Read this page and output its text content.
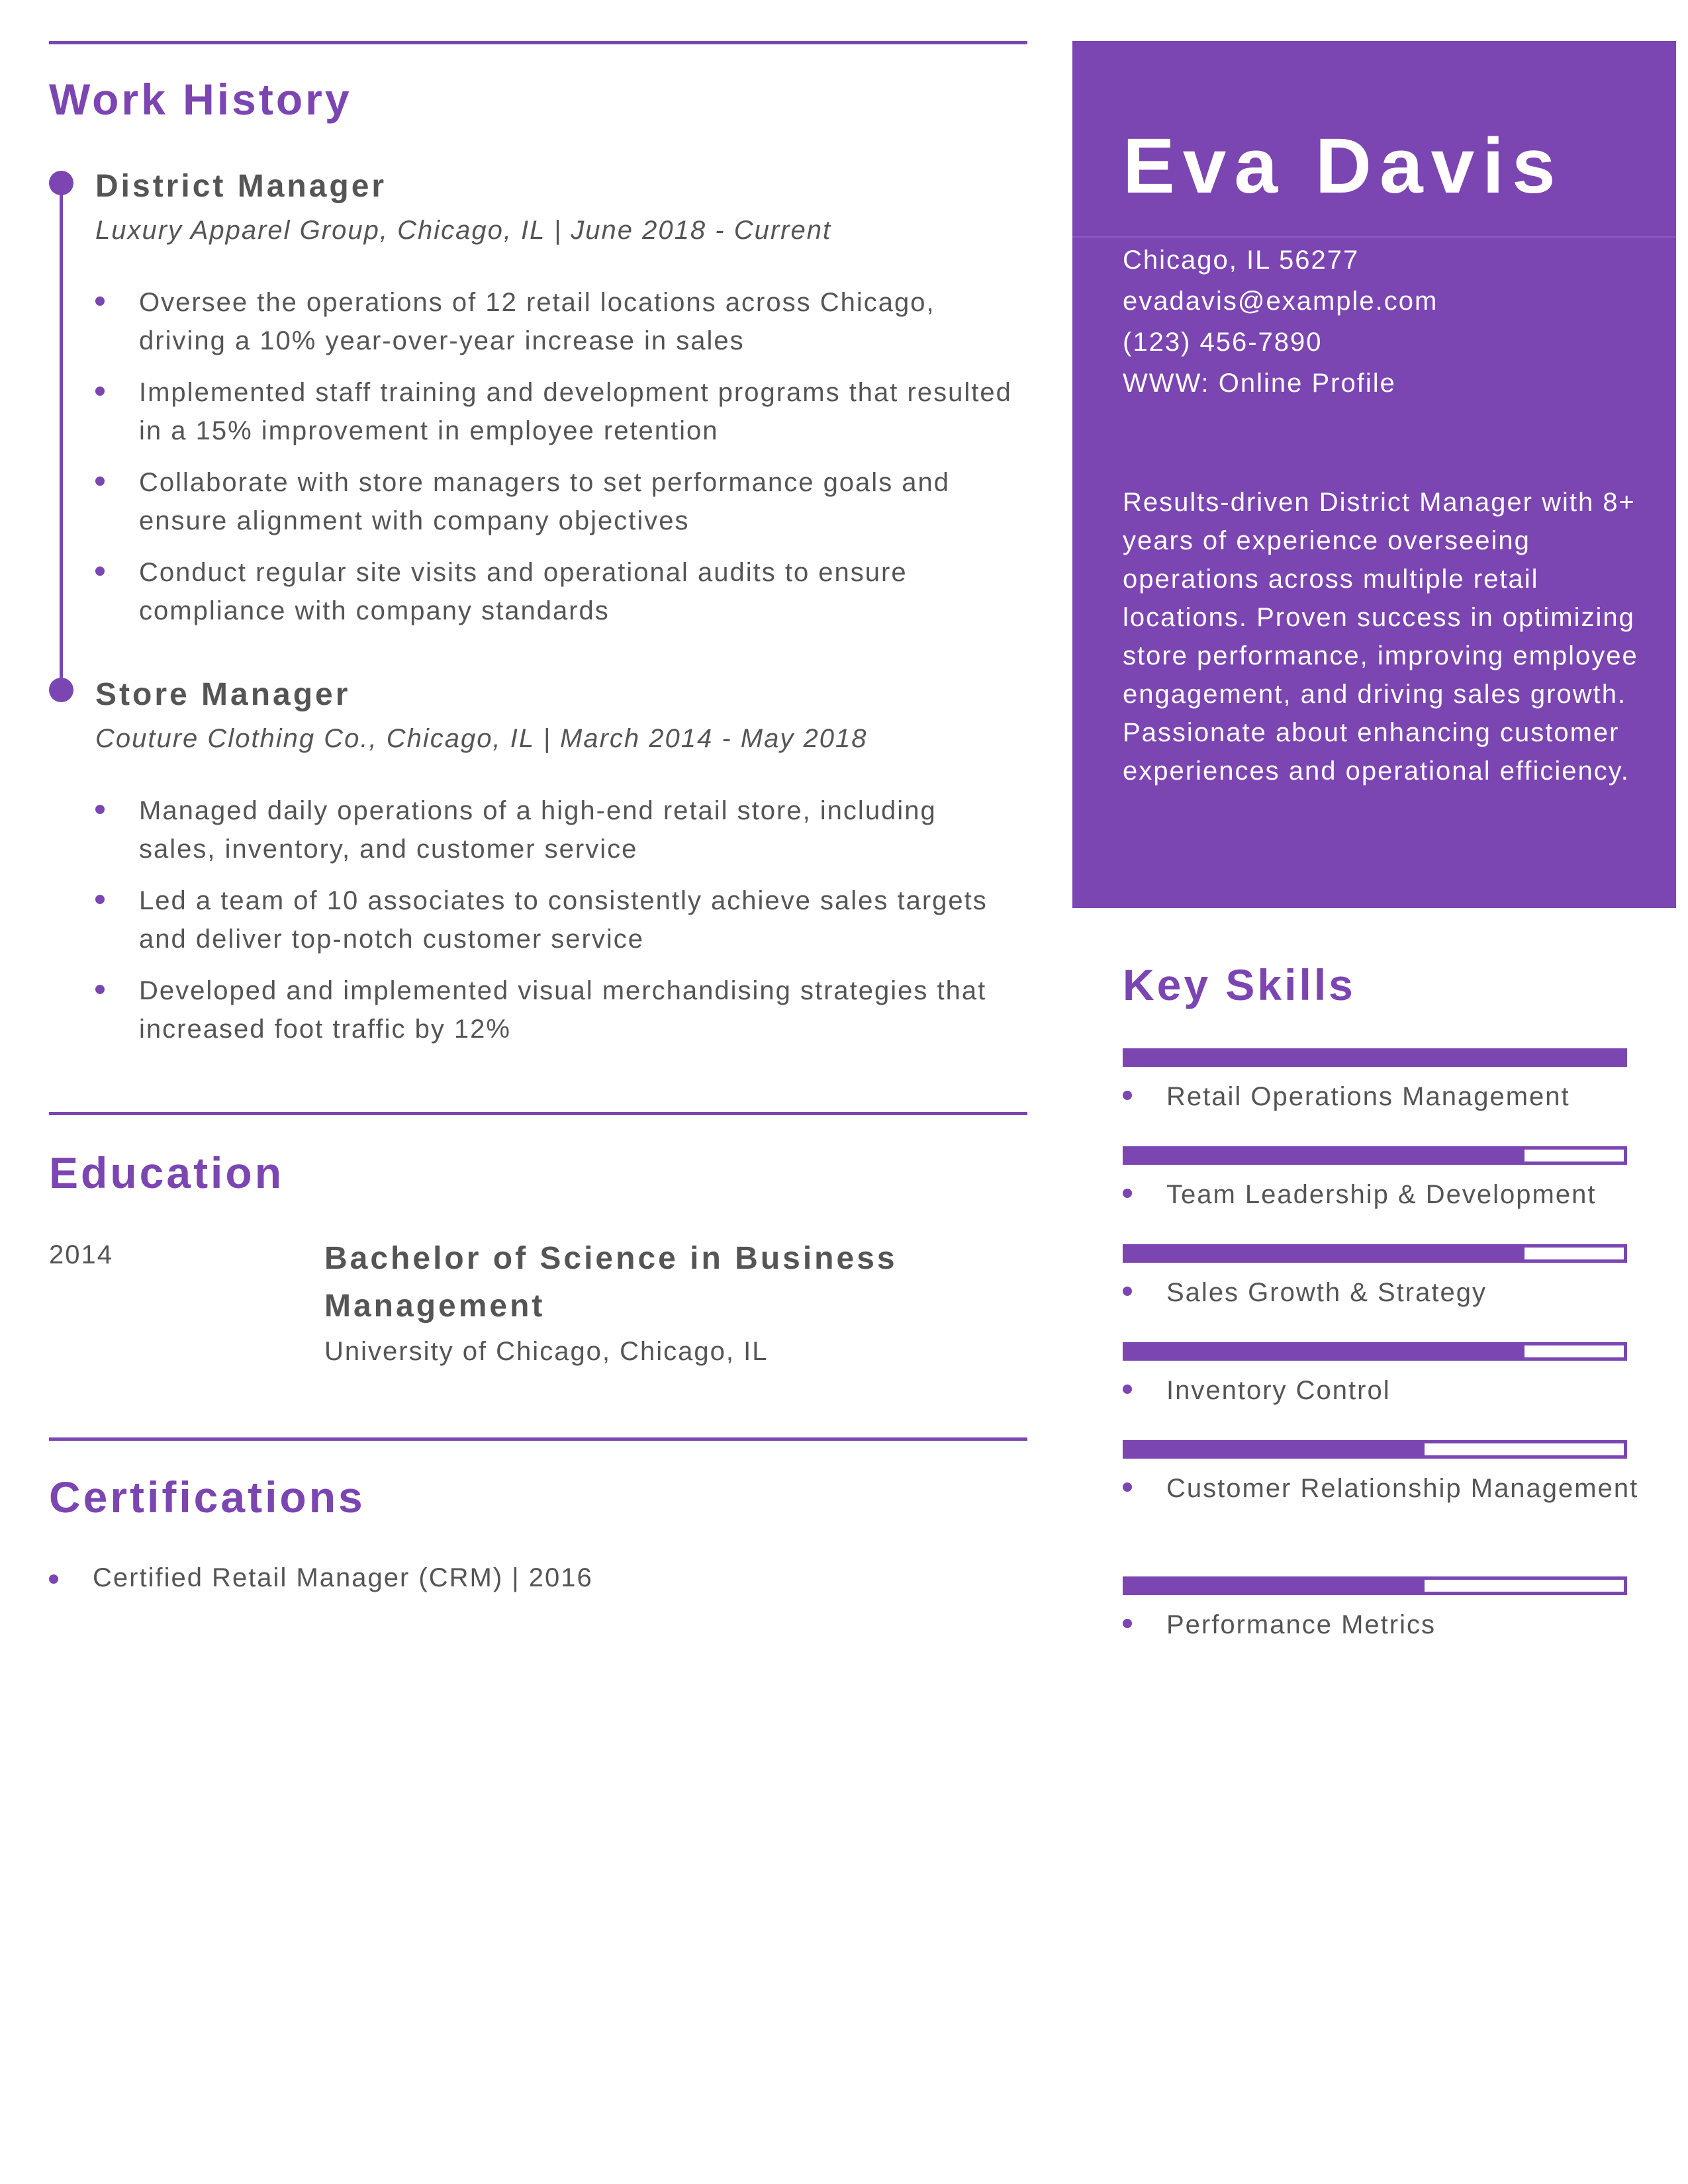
Work History
District Manager
Luxury Apparel Group, Chicago, IL | June 2018 - Current
Oversee the operations of 12 retail locations across Chicago, driving a 10% year-over-year increase in sales
Implemented staff training and development programs that resulted in a 15% improvement in employee retention
Collaborate with store managers to set performance goals and ensure alignment with company objectives
Conduct regular site visits and operational audits to ensure compliance with company standards
Store Manager
Couture Clothing Co., Chicago, IL | March 2014 - May 2018
Managed daily operations of a high-end retail store, including sales, inventory, and customer service
Led a team of 10 associates to consistently achieve sales targets and deliver top-notch customer service
Developed and implemented visual merchandising strategies that increased foot traffic by 12%
Education
2014	Bachelor of Science in Business Management
University of Chicago, Chicago, IL
Certifications
Certified Retail Manager (CRM) | 2016
Eva Davis
Chicago, IL 56277
evadavis@example.com
(123) 456-7890
WWW: Online Profile
Results-driven District Manager with 8+ years of experience overseeing operations across multiple retail locations. Proven success in optimizing store performance, improving employee engagement, and driving sales growth. Passionate about enhancing customer experiences and operational efficiency.
Key Skills
Retail Operations Management
Team Leadership & Development
Sales Growth & Strategy
Inventory Control
Customer Relationship Management
Performance Metrics
